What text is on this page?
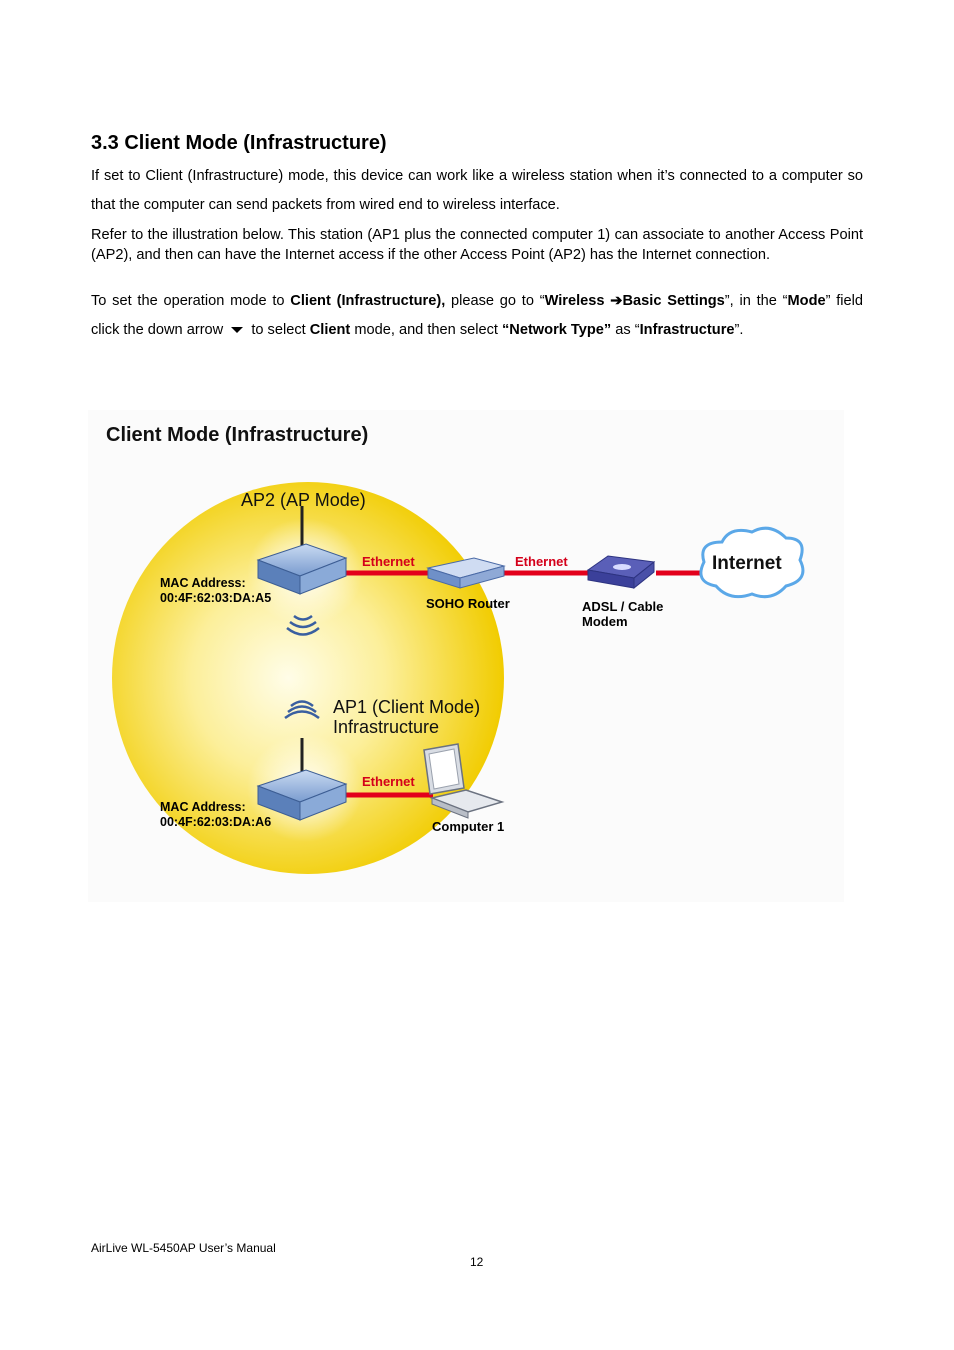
3.3 Client Mode (Infrastructure)

If set to Client (Infrastructure) mode, this device can work like a wireless station when it’s connected to a computer so that the computer can send packets from wired end to wireless interface.

Refer to the illustration below. This station (AP1 plus the connected computer 1) can associate to another Access Point (AP2), and then can have the Internet access if the other Access Point (AP2) has the Internet connection.

To set the operation mode to Client (Infrastructure), please go to “Wireless ➔Basic Settings”, in the “Mode” field click the down arrow  to select Client mode, and then select “Network Type” as “Infrastructure”.

Client Mode (Infrastructure)
AP2 (AP Mode)
MAC Address:
00:4F:62:03:DA:A5
Ethernet	Ethernet
SOHO Router	ADSL / Cable
Modem
Internet
AP1 (Client Mode)
Infrastructure
MAC Address:
00:4F:62:03:DA:A6
Ethernet
Computer 1
AirLive WL-5450AP User’s Manual
12
